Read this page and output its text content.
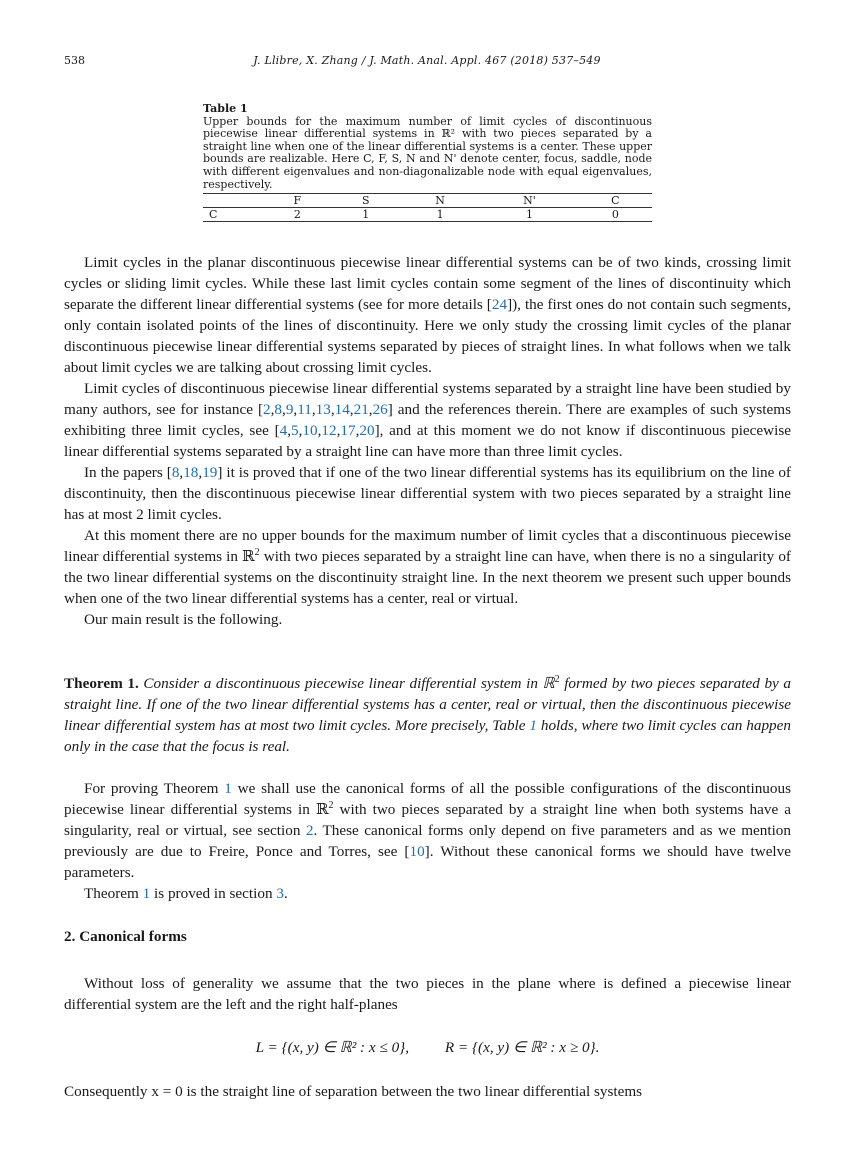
538	J. Llibre, X. Zhang / J. Math. Anal. Appl. 467 (2018) 537–549
Table 1
Upper bounds for the maximum number of limit cycles of discontinuous piecewise linear differential systems in ℝ² with two pieces separated by a straight line when one of the linear differential systems is a center. These upper bounds are realizable. Here C, F, S, N and N' denote center, focus, saddle, node with different eigenvalues and non-diagonalizable node with equal eigenvalues, respectively.
	F	S	N	N'	C
C	2	1	1	1	0

Limit cycles in the planar discontinuous piecewise linear differential systems can be of two kinds, crossing limit cycles or sliding limit cycles. While these last limit cycles contain some segment of the lines of discontinuity which separate the different linear differential systems (see for more details [24]), the first ones do not contain such segments, only contain isolated points of the lines of discontinuity. Here we only study the crossing limit cycles of the planar discontinuous piecewise linear differential systems separated by pieces of straight lines. In what follows when we talk about limit cycles we are talking about crossing limit cycles.

Limit cycles of discontinuous piecewise linear differential systems separated by a straight line have been studied by many authors, see for instance [2,8,9,11,13,14,21,26] and the references therein. There are examples of such systems exhibiting three limit cycles, see [4,5,10,12,17,20], and at this moment we do not know if discontinuous piecewise linear differential systems separated by a straight line can have more than three limit cycles.

In the papers [8,18,19] it is proved that if one of the two linear differential systems has its equilibrium on the line of discontinuity, then the discontinuous piecewise linear differential system with two pieces separated by a straight line has at most 2 limit cycles.

At this moment there are no upper bounds for the maximum number of limit cycles that a discontinuous piecewise linear differential systems in ℝ$^2$ with two pieces separated by a straight line can have, when there is no a singularity of the two linear differential systems on the discontinuity straight line. In the next theorem we present such upper bounds when one of the two linear differential systems has a center, real or virtual.

Our main result is the following.

Theorem 1. Consider a discontinuous piecewise linear differential system in ℝ$^2$ formed by two pieces separated by a straight line. If one of the two linear differential systems has a center, real or virtual, then the discontinuous piecewise linear differential system has at most two limit cycles. More precisely, Table 1 holds, where two limit cycles can happen only in the case that the focus is real.

For proving Theorem 1 we shall use the canonical forms of all the possible configurations of the discontinuous piecewise linear differential systems in ℝ$^2$ with two pieces separated by a straight line when both systems have a singularity, real or virtual, see section 2. These canonical forms only depend on five parameters and as we mention previously are due to Freire, Ponce and Torres, see [10]. Without these canonical forms we should have twelve parameters.

Theorem 1 is proved in section 3.

2. Canonical forms

Without loss of generality we assume that the two pieces in the plane where is defined a piecewise linear differential system are the left and the right half-planes

L = {(x, y) ∈ ℝ² : x ≤ 0}, R = {(x, y) ∈ ℝ² : x ≥ 0}.

Consequently x = 0 is the straight line of separation between the two linear differential systems
